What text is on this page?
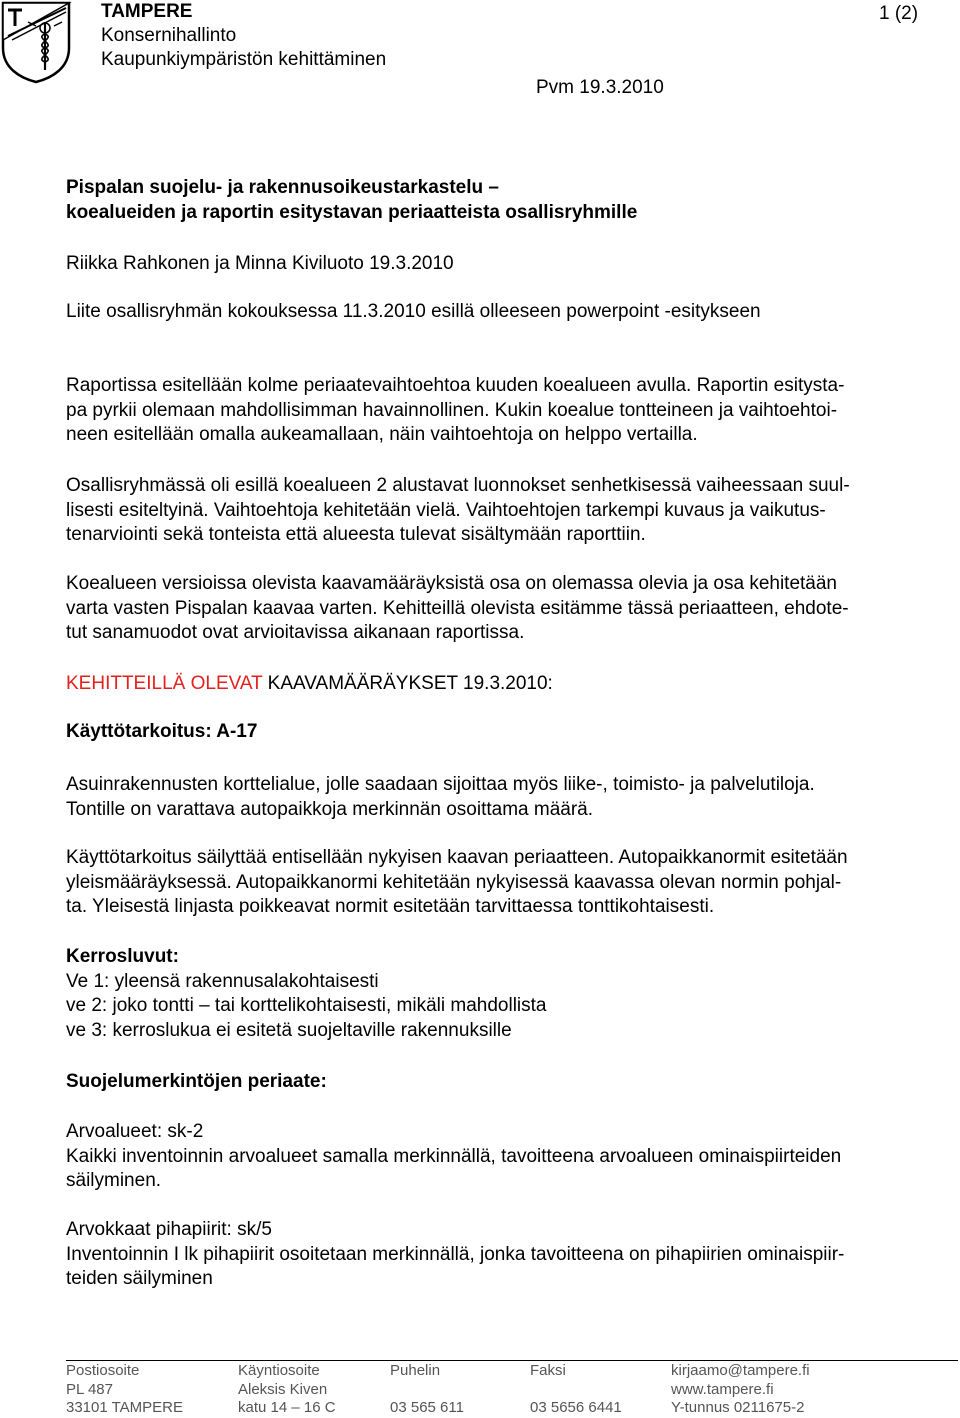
TAMPERE
Konsernihallinto
Kaupunkiympäristön kehittäminen
1 (2)
Pvm 19.3.2010
Pispalan suojelu- ja rakennusoikeustarkastelu –
koealueiden ja raportin esitystavan periaatteista osallisryhmille
Riikka Rahkonen ja Minna Kiviluoto 19.3.2010
Liite osallisryhmän kokouksessa 11.3.2010 esillä olleeseen powerpoint -esitykseen
Raportissa esitellään kolme periaatevaihtoehtoa kuuden koealueen avulla. Raportin esitysta-
pa pyrkii olemaan mahdollisimman havainnollinen. Kukin koealue tontteineen ja vaihtoehtoi-
neen esitellään omalla aukeamallaan, näin vaihtoehtoja on helppo vertailla.
Osallisryhmässä oli esillä koealueen 2 alustavat luonnokset senhetkisessä vaiheessaan suul-
lisesti esiteltyinä. Vaihtoehtoja kehitetään vielä. Vaihtoehtojen tarkempi kuvaus ja vaikutus-
tenarviointi sekä tonteista että alueesta tulevat sisältymään raporttiin.
Koealueen versioissa olevista kaavamääräyksistä osa on olemassa olevia ja osa kehitetään
varta vasten Pispalan kaavaa varten. Kehitteillä olevista esitämme tässä periaatteen, ehdote-
tut sanamuodot ovat arvioitavissa aikanaan raportissa.
KEHITTEILLÄ OLEVAT KAAVAMÄÄRÄYKSET 19.3.2010:
Käyttötarkoitus: A-17
Asuinrakennusten korttelialue, jolle saadaan sijoittaa myös liike-, toimisto- ja palvelutiloja.
Tontille on varattava autopaikkoja merkinnän osoittama määrä.
Käyttötarkoitus säilyttää entisellään nykyisen kaavan periaatteen. Autopaikkanormit esitetään
yleismääräyksessä. Autopaikkanormi kehitetään nykyisessä kaavassa olevan normin pohjal-
ta. Yleisestä linjasta poikkeavat normit esitetään tarvittaessa tonttikohtaisesti.
Kerrosluvut:
Ve 1: yleensä rakennusalakohtaisesti
ve 2: joko tontti – tai korttelikohtaisesti, mikäli mahdollista
ve 3: kerroslukua ei esitetä suojeltaville rakennuksille
Suojelumerkintöjen periaate:
Arvoalueet: sk-2
Kaikki inventoinnin arvoalueet samalla merkinnällä, tavoitteena arvoalueen ominaispiirteiden
säilyminen.
Arvokkaat pihapiirit: sk/5
Inventoinnin I lk pihapiirit osoitetaan merkinnällä, jonka tavoitteena on pihapiirien ominaispiir-
teiden säilyminen
Postiosoite
PL 487
33101 TAMPERE
Käyntiosoite
Aleksis Kiven
katu 14 – 16 C
Puhelin

03 565 611
Faksi

03 5656 6441
kirjaamo@tampere.fi
www.tampere.fi
Y-tunnus 0211675-2
